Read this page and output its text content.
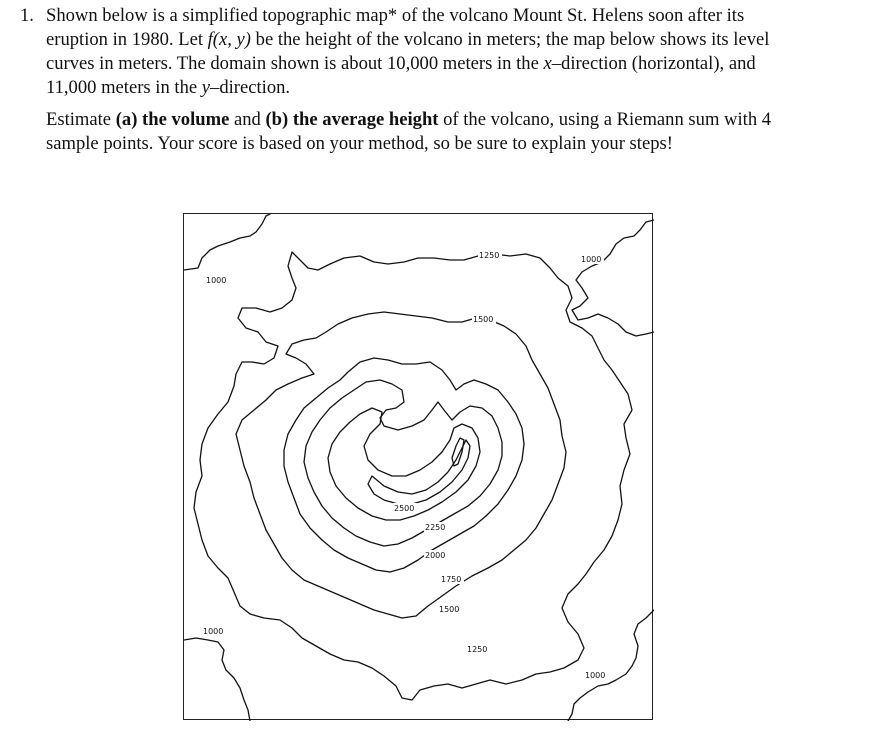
1. Shown below is a simplified topographic map* of the volcano Mount St. Helens soon after its eruption in 1980. Let f(x, y) be the height of the volcano in meters; the map below shows its level curves in meters. The domain shown is about 10,000 meters in the x–direction (horizontal), and 11,000 meters in the y–direction.
Estimate (a) the volume and (b) the average height of the volcano, using a Riemann sum with 4 sample points. Your score is based on your method, so be sure to explain your steps!
1000
1000
1000
1000
1250
1250
1500
1500
1750
2000
2250
2500
